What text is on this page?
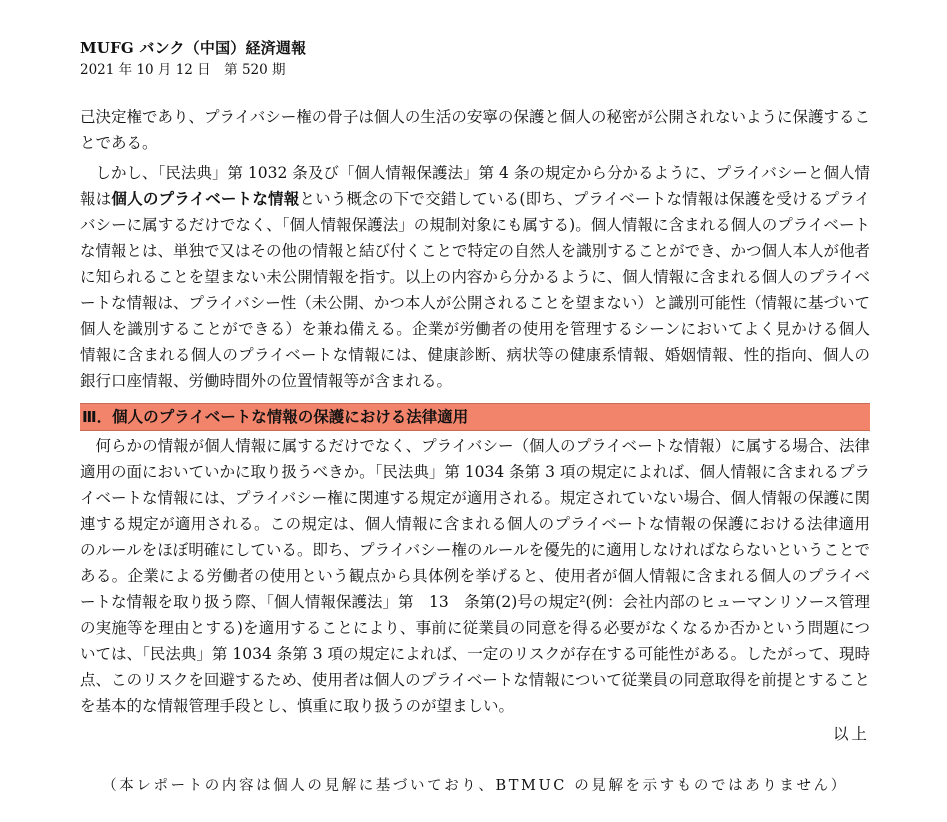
MUFG バンク（中国）経済週報
2021 年 10 月 12 日　第 520 期

己決定権であり、プライバシー権の骨子は個人の生活の安寧の保護と個人の秘密が公開されないように保護することである。

しかし、「民法典」第 1032 条及び「個人情報保護法」第 4 条の規定から分かるように、プライバシーと個人情報は個人のプライベートな情報という概念の下で交錯している(即ち、プライベートな情報は保護を受けるプライバシーに属するだけでなく、「個人情報保護法」の規制対象にも属する)。個人情報に含まれる個人のプライベートな情報とは、単独で又はその他の情報と結び付くことで特定の自然人を識別することができ、かつ個人本人が他者に知られることを望まない未公開情報を指す。以上の内容から分かるように、個人情報に含まれる個人のプライベートな情報は、プライバシー性（未公開、かつ本人が公開されることを望まない）と識別可能性（情報に基づいて個人を識別することができる）を兼ね備える。企業が労働者の使用を管理するシーンにおいてよく見かける個人情報に含まれる個人のプライベートな情報には、健康診断、病状等の健康系情報、婚姻情報、性的指向、個人の銀行口座情報、労働時間外の位置情報等が含まれる。

Ⅲ．個人のプライベートな情報の保護における法律適用

何らかの情報が個人情報に属するだけでなく、プライバシー（個人のプライベートな情報）に属する場合、法律適用の面においていかに取り扱うべきか。「民法典」第 1034 条第 3 項の規定によれば、個人情報に含まれるプライベートな情報には、プライバシー権に関連する規定が適用される。規定されていない場合、個人情報の保護に関連する規定が適用される。この規定は、個人情報に含まれる個人のプライベートな情報の保護における法律適用のルールをほぼ明確にしている。即ち、プライバシー権のルールを優先的に適用しなければならないということである。企業による労働者の使用という観点から具体例を挙げると、使用者が個人情報に含まれる個人のプライベートな情報を取り扱う際、「個人情報保護法」第　13　条第(2)号の規定²(例：会社内部のヒューマンリソース管理の実施等を理由とする)を適用することにより、事前に従業員の同意を得る必要がなくなるか否かという問題については、「民法典」第 1034 条第 3 項の規定によれば、一定のリスクが存在する可能性がある。したがって、現時点、このリスクを回避するため、使用者は個人のプライベートな情報について従業員の同意取得を前提とすることを基本的な情報管理手段とし、慎重に取り扱うのが望ましい。

以上
（本レポートの内容は個人の見解に基づいており、BTMUC の見解を示すものではありません）
